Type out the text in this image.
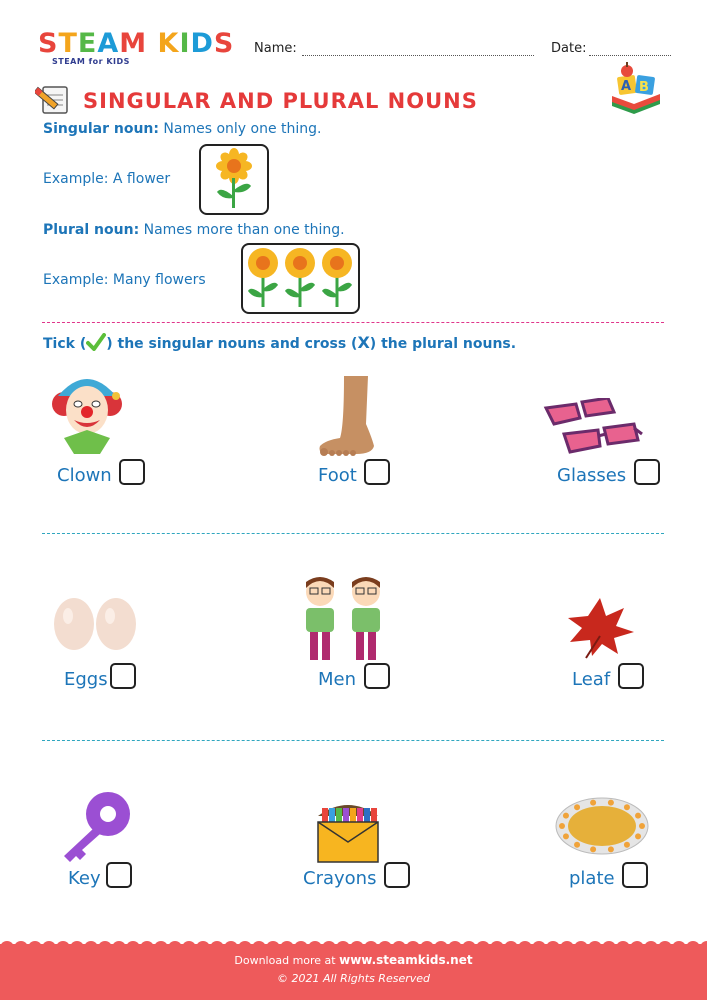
STEAM KIDS
STEAM for KIDS
Name:	Date:
A B
SINGULAR AND PLURAL NOUNS
Singular noun: Names only one thing.
Example: A flower
Plural noun: Names more than one thing.
Example: Many flowers
Tick ( ) the singular nouns and cross (X) the plural nouns.
Clown	Foot	Glasses
Eggs	Men	Leaf
Key	Crayons	plate
Download more at www.steamkids.net
© 2021 All Rights Reserved
